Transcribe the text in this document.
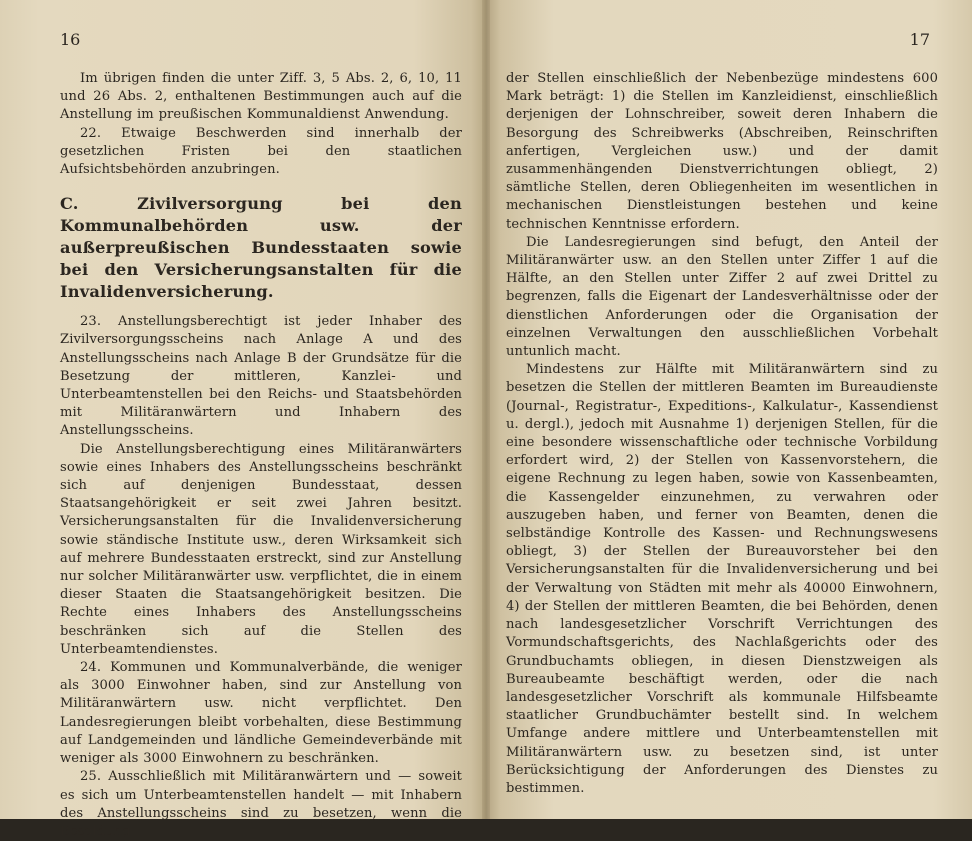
16

Im übrigen finden die unter Ziff. 3, 5 Abs. 2, 6, 10, 11 und 26 Abs. 2, enthaltenen Bestimmungen auch auf die Anstellung im preußischen Kommunaldienst Anwendung.

22. Etwaige Beschwerden sind innerhalb der gesetzlichen Fristen bei den staatlichen Aufsichtsbehörden anzubringen.

C. Zivilversorgung bei den Kommunalbehörden usw. der außerpreußischen Bundesstaaten sowie bei den Versicherungsanstalten für die Invalidenversicherung.

23. Anstellungsberechtigt ist jeder Inhaber des Zivilversorgungsscheins nach Anlage A und des Anstellungsscheins nach Anlage B der Grundsätze für die Besetzung der mittleren, Kanzlei- und Unterbeamtenstellen bei den Reichs- und Staatsbehörden mit Militäranwärtern und Inhabern des Anstellungsscheins.

Die Anstellungsberechtigung eines Militäranwärters sowie eines Inhabers des Anstellungsscheins beschränkt sich auf denjenigen Bundesstaat, dessen Staatsangehörigkeit er seit zwei Jahren besitzt. Versicherungsanstalten für die Invalidenversicherung sowie ständische Institute usw., deren Wirksamkeit sich auf mehrere Bundesstaaten erstreckt, sind zur Anstellung nur solcher Militäranwärter usw. verpflichtet, die in einem dieser Staaten die Staatsangehörigkeit besitzen. Die Rechte eines Inhabers des Anstellungsscheins beschränken sich auf die Stellen des Unterbeamtendienstes.

24. Kommunen und Kommunalverbände, die weniger als 3000 Einwohner haben, sind zur Anstellung von Militäranwärtern usw. nicht verpflichtet. Den Landesregierungen bleibt vorbehalten, diese Bestimmung auf Landgemeinden und ländliche Gemeindeverbände mit weniger als 3000 Einwohnern zu beschränken.

25. Ausschließlich mit Militäranwärtern und — soweit es sich um Unterbeamtenstellen handelt — mit Inhabern des Anstellungsscheins sind zu besetzen, wenn die Besoldung

17

der Stellen einschließlich der Nebenbezüge mindestens 600 Mark beträgt: 1) die Stellen im Kanzleidienst, einschließlich derjenigen der Lohnschreiber, soweit deren Inhabern die Besorgung des Schreibwerks (Abschreiben, Reinschriften anfertigen, Vergleichen usw.) und der damit zusammenhängenden Dienstverrichtungen obliegt, 2) sämtliche Stellen, deren Obliegenheiten im wesentlichen in mechanischen Dienstleistungen bestehen und keine technischen Kenntnisse erfordern.

Die Landesregierungen sind befugt, den Anteil der Militäranwärter usw. an den Stellen unter Ziffer 1 auf die Hälfte, an den Stellen unter Ziffer 2 auf zwei Drittel zu begrenzen, falls die Eigenart der Landesverhältnisse oder der dienstlichen Anforderungen oder die Organisation der einzelnen Verwaltungen den ausschließlichen Vorbehalt untunlich macht.

Mindestens zur Hälfte mit Militäranwärtern sind zu besetzen die Stellen der mittleren Beamten im Bureaudienste (Journal-, Registratur-, Expeditions-, Kalkulatur-, Kassendienst u. dergl.), jedoch mit Ausnahme 1) derjenigen Stellen, für die eine besondere wissenschaftliche oder technische Vorbildung erfordert wird, 2) der Stellen von Kassenvorstehern, die eigene Rechnung zu legen haben, sowie von Kassenbeamten, die Kassengelder einzunehmen, zu verwahren oder auszugeben haben, und ferner von Beamten, denen die selbständige Kontrolle des Kassen- und Rechnungswesens obliegt, 3) der Stellen der Bureauvorsteher bei den Versicherungsanstalten für die Invalidenversicherung und bei der Verwaltung von Städten mit mehr als 40000 Einwohnern, 4) der Stellen der mittleren Beamten, die bei Behörden, denen nach landesgesetzlicher Vorschrift Verrichtungen des Vormundschaftsgerichts, des Nachlaßgerichts oder des Grundbuchamts obliegen, in diesen Dienstzweigen als Bureaubeamte beschäftigt werden, oder die nach landesgesetzlicher Vorschrift als kommunale Hilfsbeamte staatlicher Grundbuchämter bestellt sind. In welchem Umfange andere mittlere und Unterbeamtenstellen mit Militäranwärtern usw. zu besetzen sind, ist unter Berücksichtigung der Anforderungen des Dienstes zu bestimmen.
